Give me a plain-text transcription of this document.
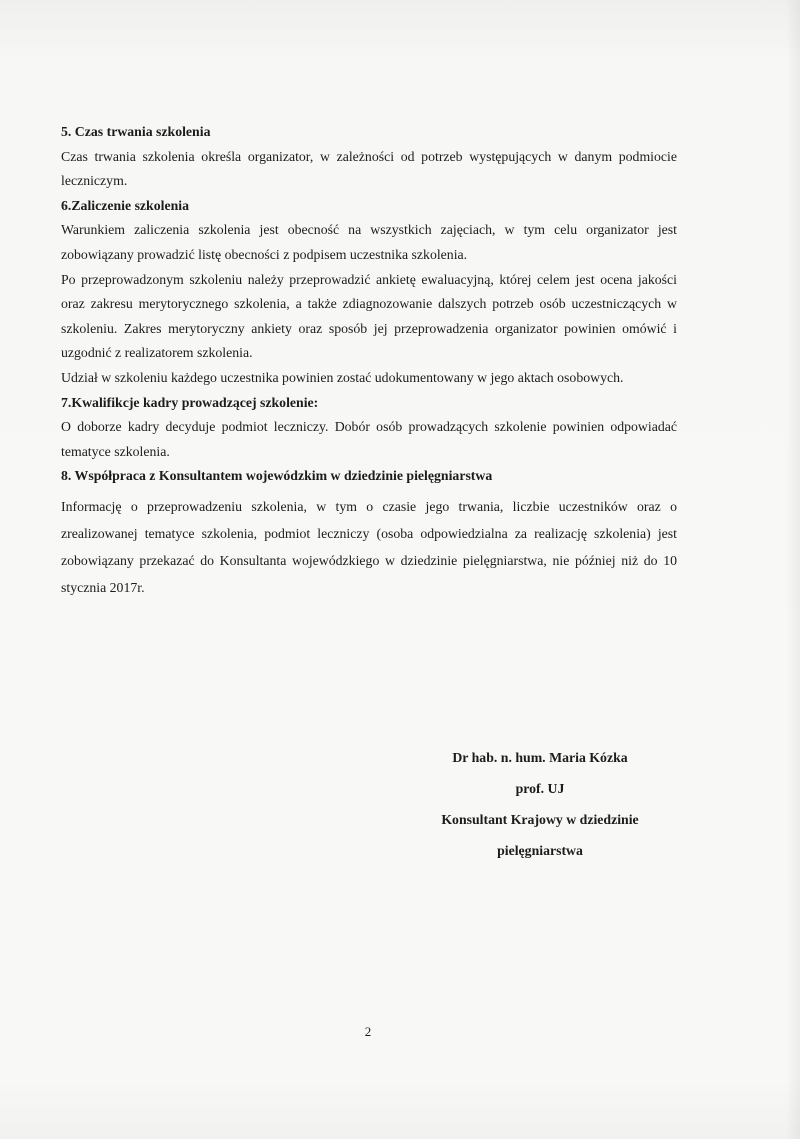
5. Czas trwania szkolenia

Czas trwania szkolenia określa organizator, w zależności od potrzeb występujących w danym podmiocie leczniczym.

6.Zaliczenie szkolenia

Warunkiem zaliczenia szkolenia jest obecność na wszystkich zajęciach, w tym celu organizator jest zobowiązany prowadzić listę obecności z podpisem uczestnika szkolenia.

Po przeprowadzonym szkoleniu należy przeprowadzić ankietę ewaluacyjną, której celem jest ocena jakości oraz zakresu merytorycznego szkolenia, a także zdiagnozowanie dalszych potrzeb osób uczestniczących w szkoleniu. Zakres merytoryczny ankiety oraz sposób jej przeprowadzenia organizator powinien omówić i uzgodnić z realizatorem szkolenia.

Udział w szkoleniu każdego uczestnika powinien zostać udokumentowany w jego aktach osobowych.

7.Kwalifikcje kadry prowadzącej szkolenie:

O doborze kadry decyduje podmiot leczniczy. Dobór osób prowadzących szkolenie powinien odpowiadać tematyce szkolenia.

8. Współpraca z Konsultantem wojewódzkim w dziedzinie pielęgniarstwa

Informację o przeprowadzeniu szkolenia, w tym o czasie jego trwania, liczbie uczestników oraz o zrealizowanej tematyce szkolenia, podmiot leczniczy (osoba odpowiedzialna za realizację szkolenia) jest zobowiązany przekazać do Konsultanta wojewódzkiego w dziedzinie pielęgniarstwa, nie później niż do 10 stycznia 2017r.

Dr hab. n. hum. Maria Kózka
prof. UJ
Konsultant Krajowy w dziedzinie
pielęgniarstwa
2
